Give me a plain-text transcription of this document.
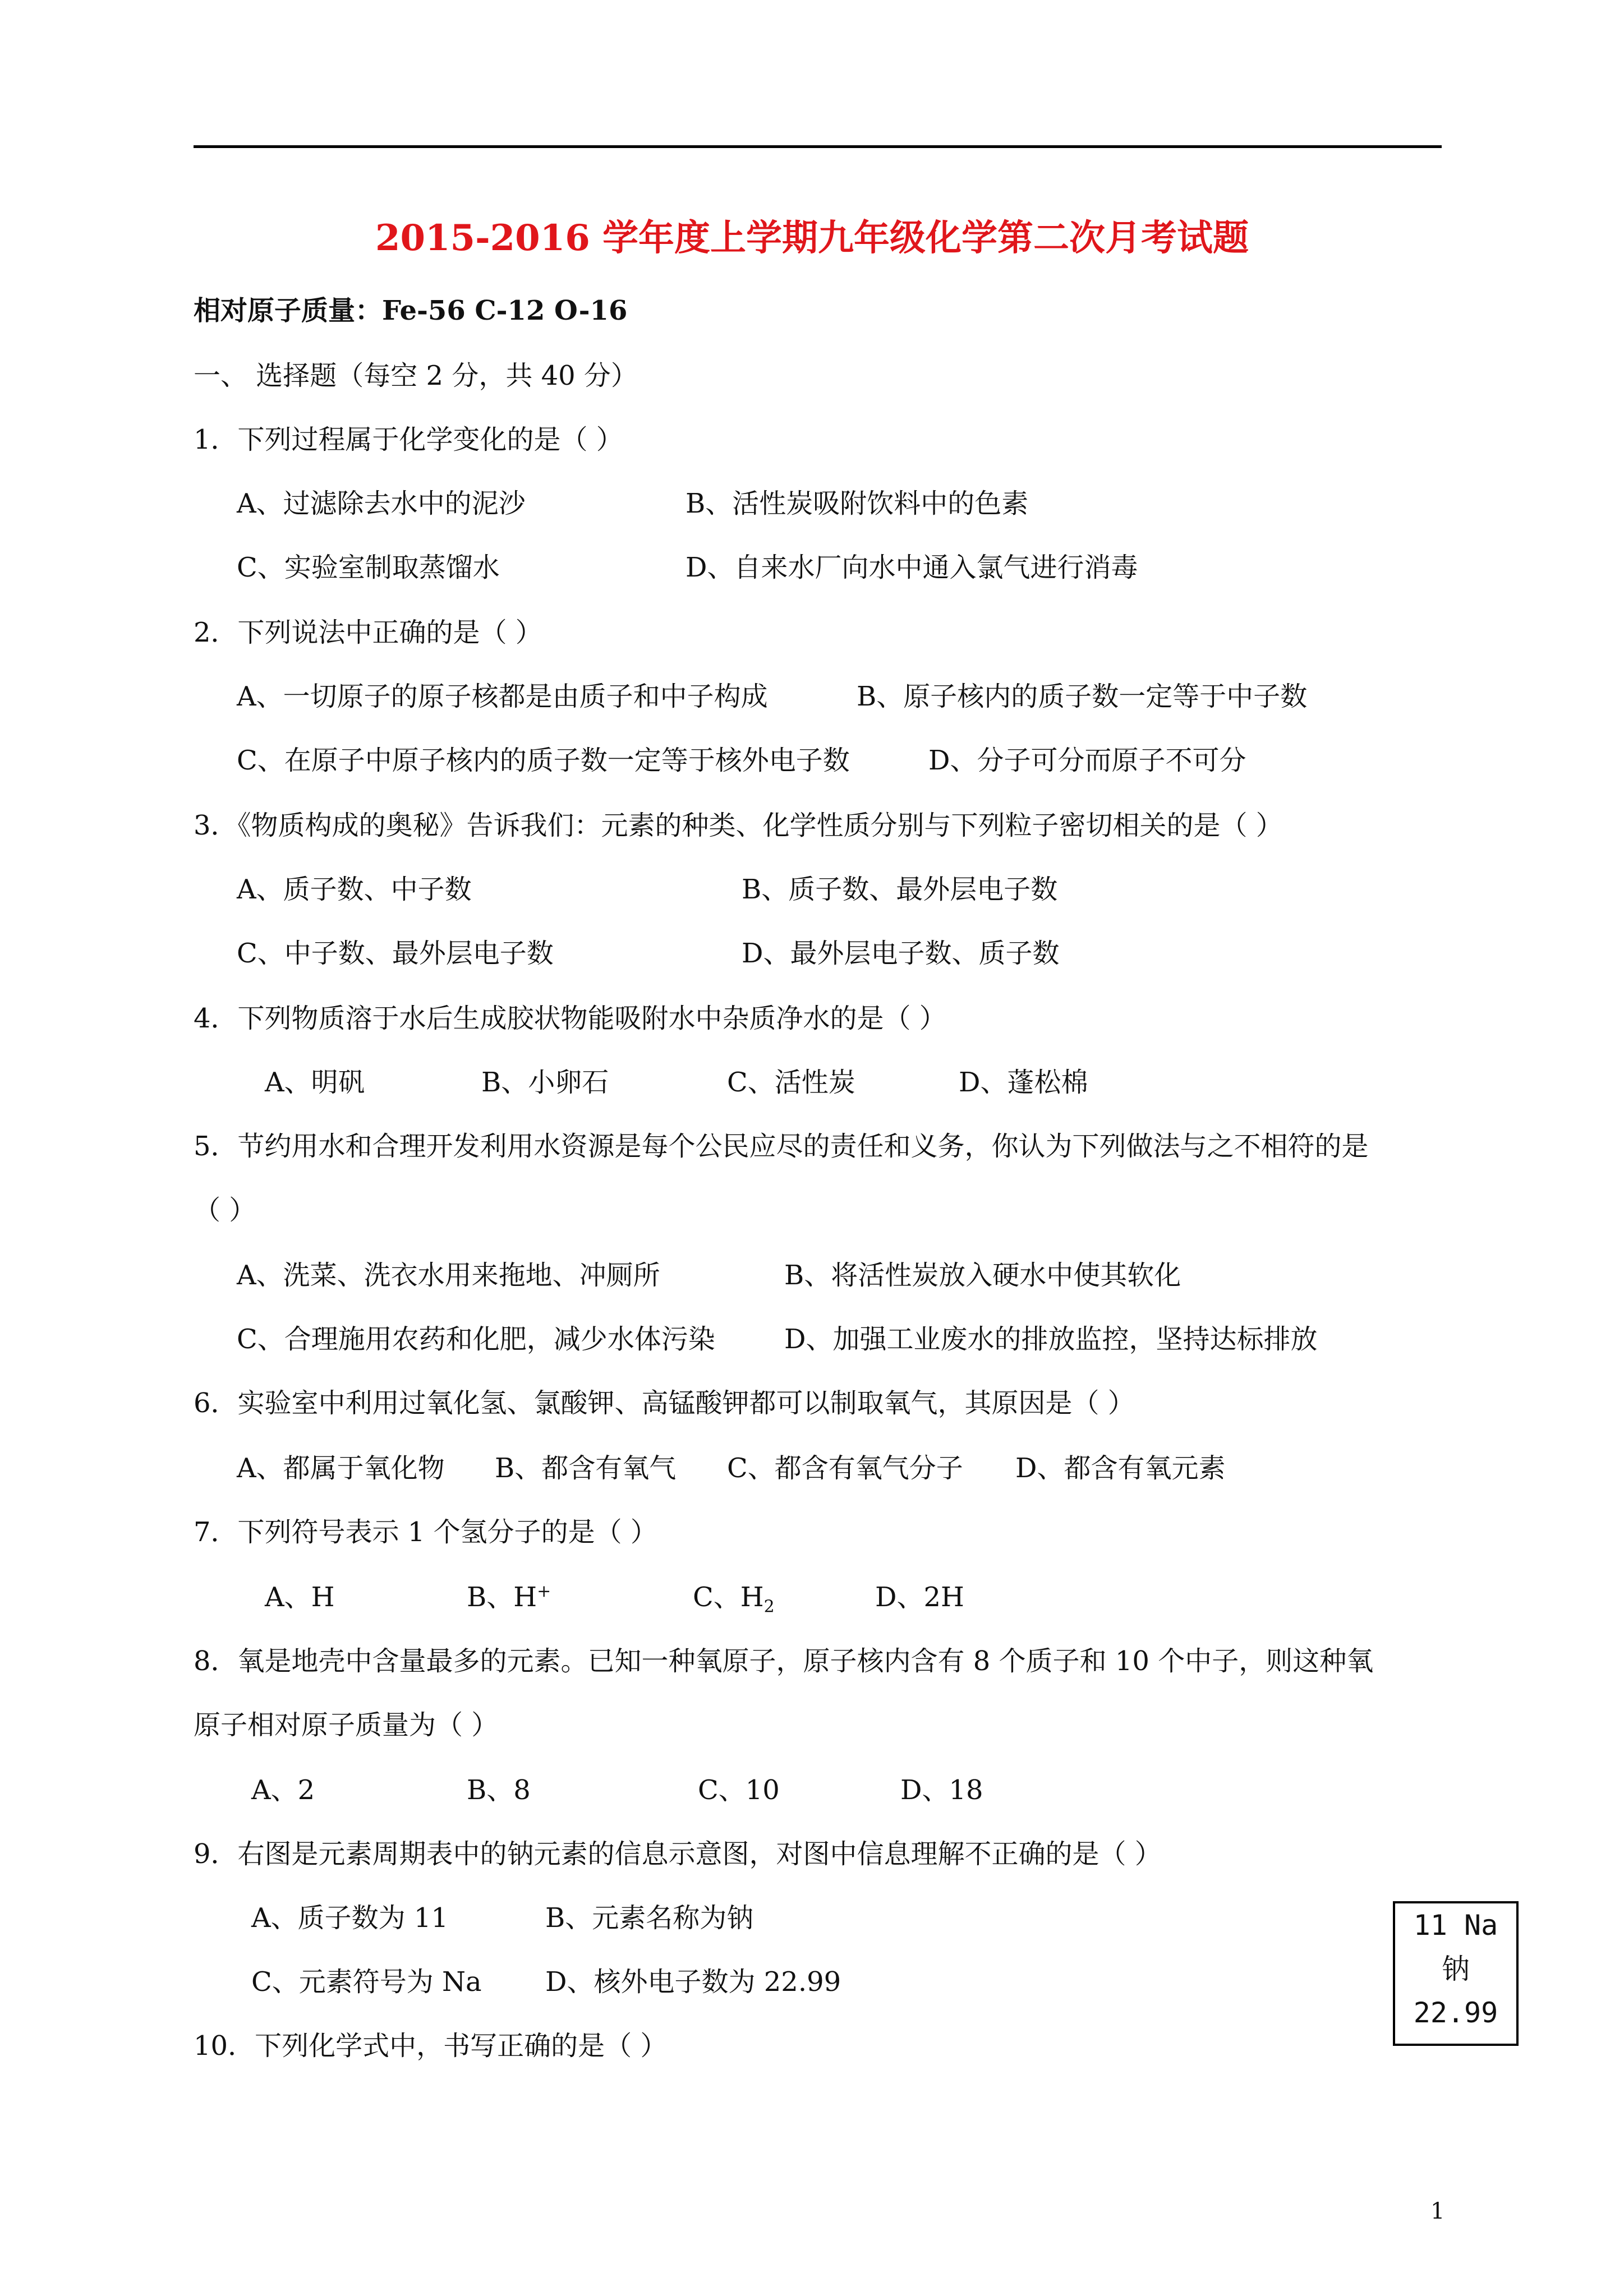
2015-2016 学年度上学期九年级化学第二次月考试题
相对原子质量：Fe-56 C-12 O-16
一、 选择题（每空 2 分，共 40 分）
1．下列过程属于化学变化的是（ ）
A、过滤除去水中的泥沙	B、活性炭吸附饮料中的色素
C、实验室制取蒸馏水	D、自来水厂向水中通入氯气进行消毒
2．下列说法中正确的是（ ）
A、一切原子的原子核都是由质子和中子构成	B、原子核内的质子数一定等于中子数
C、在原子中原子核内的质子数一定等于核外电子数	D、分子可分而原子不可分
3．《物质构成的奥秘》告诉我们：元素的种类、化学性质分别与下列粒子密切相关的是（ ）
A、质子数、中子数	B、质子数、最外层电子数
C、中子数、最外层电子数	D、最外层电子数、质子数
4．下列物质溶于水后生成胶状物能吸附水中杂质净水的是（ ）
A、明矾	B、小卵石	C、活性炭	D、蓬松棉
5．节约用水和合理开发利用水资源是每个公民应尽的责任和义务，你认为下列做法与之不相符的是
（ ）
A、洗菜、洗衣水用来拖地、冲厕所	B、将活性炭放入硬水中使其软化
C、合理施用农药和化肥，减少水体污染	D、加强工业废水的排放监控，坚持达标排放
6．实验室中利用过氧化氢、氯酸钾、高锰酸钾都可以制取氧气，其原因是（ ）
A、都属于氧化物 B、都含有氧气 C、都含有氧气分子 D、都含有氧元素
7．下列符号表示 1 个氢分子的是（ ）
A、H	B、H+	C、$H_2$	D、2H
8．氧是地壳中含量最多的元素。已知一种氧原子，原子核内含有 8 个质子和 10 个中子，则这种氧
原子相对原子质量为（ ）
A、2	B、8	C、10	D、18
9．右图是元素周期表中的钠元素的信息示意图，对图中信息理解不正确的是（ ）
A、质子数为 11	B、元素名称为钠
C、元素符号为 Na D、核外电子数为 22.99
11 Na
钠
22.99
10．下列化学式中，书写正确的是（ ）
1
